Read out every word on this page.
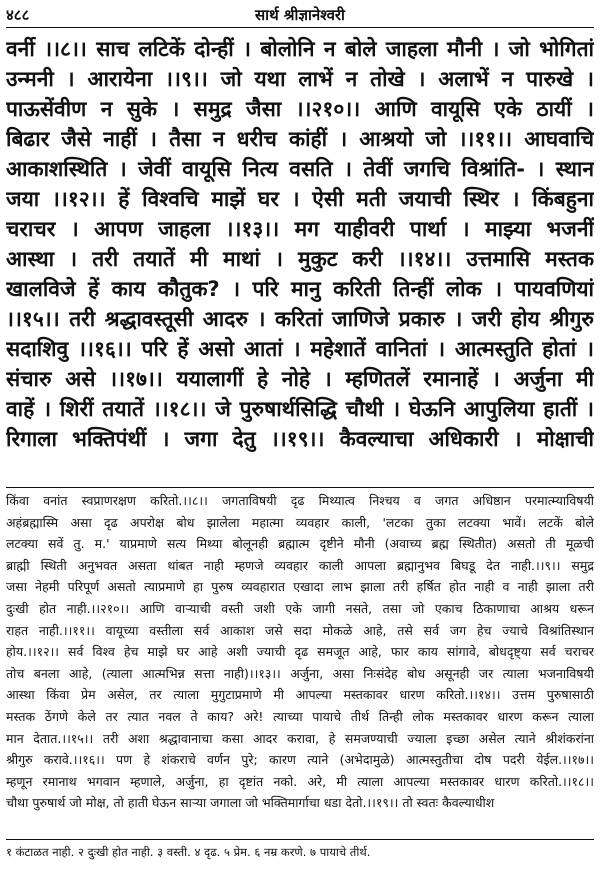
४८८	सार्थ श्रीज्ञानेश्वरी
वर्नी ।।८।। साच लटिकें दोन्हीं । बोलोनि न बोले जाहला मौनी । जो भोगितां
उन्मनी । आरायेना ।।९।। जो यथा लाभें न तोखे । अलाभें न पारुखे ।
पाऊसेंवीण न सुके । समुद्र जैसा ।।२१०।। आणि वायूसि एके ठायीं ।
बिढार जैसे नाहीं । तैसा न धरीच कांहीं । आश्रयो जो ।।११।। आघवाचि
आकाशस्थिति । जेवीं वायूसि नित्य वसति । तेवीं जगचि विश्रांति- । स्थान
जया ।।१२।। हें विश्वचि माझें घर । ऐसी मती जयाची स्थिर । किंबहुना
चराचर । आपण जाहला ।।१३।। मग याहीवरी पार्था । माझ्या भजनीं
आस्था । तरी तयातें मी माथां । मुकुट करी ।।१४।। उत्तमासि मस्तक
खालविजे हें काय कौतुक? । परि मानु करिती तिन्हीं लोक । पायवणियां
।।१५।। तरी श्रद्धावस्तूसी आदरु । करितां जाणिजे प्रकारु । जरी होय श्रीगुरु
सदाशिवु ।।१६।। परि हें असो आतां । महेशातें वानितां । आत्मस्तुति होतां ।
संचारु असे ।।१७।। ययालागीं हे नोहे । म्हणितलें रमानाहें । अर्जुना मी
वाहें । शिरीं तयातें ।।१८।। जे पुरुषार्थसिद्धि चौथी । घेऊनि आपुलिया हातीं ।
रिगाला भक्तिपंथीं । जगा देतु ।।१९।। कैवल्याचा अधिकारी । मोक्षाची
किंवा वनांत स्वप्राणरक्षण करितो.।।८।। जगताविषयी दृढ मिथ्यात्व निश्चय व जगत अधिष्ठान परमात्म्याविषयी
अहंब्रह्मास्मि असा दृढ अपरोक्ष बोध झालेला महात्मा व्यवहार काली, 'लटका तुका लटक्या भावें। लटकें बोले
लटक्या सवें तु. म.' याप्रमाणे सत्य मिथ्या बोलूनही ब्रह्मात्म दृष्टीने मौनी (अवाच्य ब्रह्म स्थितीत) असतो ती मूळची
ब्राह्मी स्थिती अनुभवत असता थांबत नाही म्हणजे व्यवहार काली आपला ब्रह्मानुभव बिघडू देत नाही.।।९।। समुद्र
जसा नेहमी परिपूर्ण असतो त्याप्रमाणे हा पुरुष व्यवहारात एखादा लाभ झाला तरी हर्षित होत नाही व नाही झाला तरी
दुःखी होत नाही.।।२१०।। आणि वाऱ्याची वस्ती जशी एके जागी नसते, तसा जो एकाच ठिकाणाचा आश्रय धरून
राहत नाही.।।११।। वायूच्या वस्तीला सर्व आकाश जसे सदा मोकळे आहे, तसे सर्व जग हेच ज्याचे विश्रांतिस्थान
होय.।।१२।। सर्व विश्व हेच माझे घर आहे अशी ज्याची दृढ समजूत आहे, फार काय सांगावे, बोधदृष्ट्या सर्व चराचर
तोच बनला आहे, (त्याला आत्मभिन्न सत्ता नाही)।।१३।। अर्जुना, असा निःसंदेह बोध असूनही जर त्याला भजनाविषयी
आस्था किंवा प्रेम असेल, तर त्याला मुगुटाप्रमाणे मी आपल्या मस्तकावर धारण करितो.।।१४।। उत्तम पुरुषासाठी
मस्तक ठेंगणे केले तर त्यात नवल ते काय? अरे! त्याच्या पायाचे तीर्थ तिन्ही लोक मस्तकावर धारण करून त्याला
मान देतात.।।१५।। तरी अशा श्रद्धावानाचा कसा आदर करावा, हे समजण्याची ज्याला इच्छा असेल त्याने श्रीशंकरांना
श्रीगुरु करावे.।।१६।। पण हे शंकराचे वर्णन पुरे; कारण त्याने (अभेदामुळे) आत्मस्तुतीचा दोष पदरी येईल.।।१७।।
म्हणून रमानाथ भगवान म्हणाले, अर्जुना, हा दृष्टांत नको. अरे, मी त्याला आपल्या मस्तकावर धारण करितो.।।१८।।
चौथा पुरुषार्थ जो मोक्ष, तो हाती घेऊन साऱ्या जगाला जो भक्तिमार्गाचा धडा देतो.।।१९।। तो स्वतः कैवल्याधीश
१ कंटाळत नाही. २ दुःखी होत नाही. ३ वस्ती. ४ दृढ. ५ प्रेम. ६ नम्र करणे. ७ पायाचे तीर्थ.
